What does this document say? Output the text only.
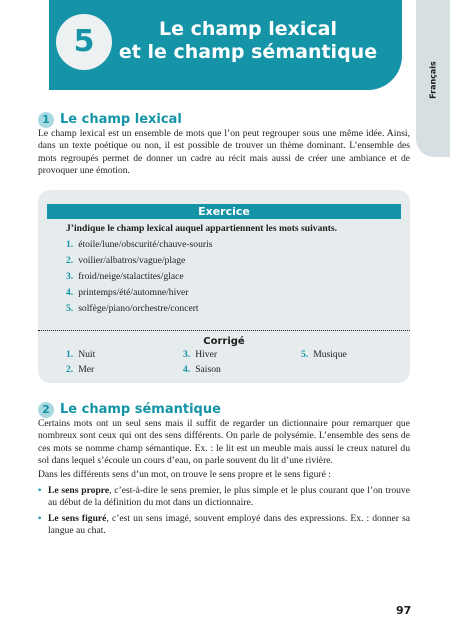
5	Le champ lexical
et le champ sémantique
Français
1 Le champ lexical

Le champ lexical est un ensemble de mots que l’on peut regrouper sous une même idée. Ainsi, dans un texte poétique ou non, il est possible de trouver un thème dominant. L’ensemble des mots regroupés permet de donner un cadre au récit mais aussi de créer une ambiance et de provoquer une émotion.

Exercice
J’indique le champ lexical auquel appartiennent les mots suivants.
1. étoile/lune/obscurité/chauve-souris
2. voilier/albatros/vague/plage
3. froid/neige/stalactites/glace
4. printemps/été/automne/hiver
5. solfège/piano/orchestre/concert
Corrigé
1. Nuit
2. Mer
3. Hiver
4. Saison
5. Musique
2 Le champ sémantique

Certains mots ont un seul sens mais il suffit de regarder un dictionnaire pour remarquer que nombreux sont ceux qui ont des sens différents. On parle de polysémie. L’ensemble des sens de ces mots se nomme champ sémantique. Ex. : le lit est un meuble mais aussi le creux naturel du sol dans lequel s’écoule un cours d’eau, on parle souvent du lit d’une rivière.

Dans les différents sens d’un mot, on trouve le sens propre et le sens figuré :

• Le sens propre, c’est-à-dire le sens premier, le plus simple et le plus courant que l’on trouve au début de la définition du mot dans un dictionnaire.
• Le sens figuré, c’est un sens imagé, souvent employé dans des expressions. Ex. : donner sa langue au chat.
97
